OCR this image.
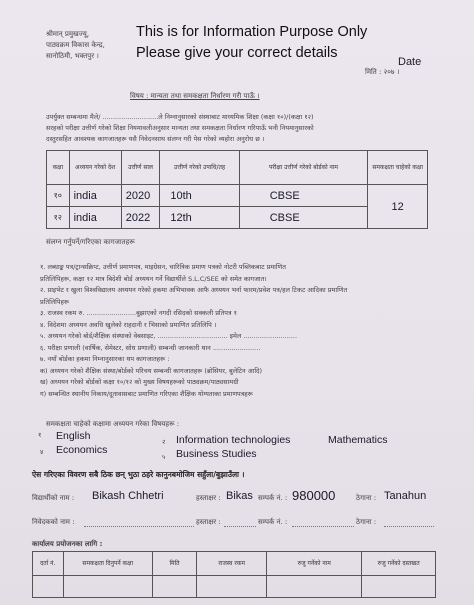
श्रीमान् प्रमुखज्यू,
पाठ्यक्रम विकास केन्द्र,
सानोठिमी, भक्तपुर ।
This is for Information Purpose Only
Please give your correct details
Date
मिति : २०७ ।
विषय : मान्यता तथा समकक्षता निर्धारण गरी पाऊँ ।
उपर्युक्त सम्बन्धमा मैले/ ...........................ले निम्नानुसारको संस्थाबाट माध्यमिक शिक्षा (कक्षा १०)/(कक्षा १२)
सरहको परीक्षा उत्तीर्ण गरेको शिक्षा नियमावलीअनुसार मान्यता तथा समकक्षता निर्धारण गरिपाऊँ भनी नियमानुसारको
दस्तुरसहित आवश्यक कागजातहरू यसै निवेदनसाथ संलग्न गरी पेस गरेको व्यहोरा अनुरोध छ ।
कक्षा	अध्ययन गरेको देश	उत्तीर्ण साल	उत्तीर्ण गरेको उपाधि/तह	परीक्षा उत्तीर्ण गरेको बोर्डको नाम	समकक्षता चाहेको कक्षा
१०	india	2020	10th	CBSE	12
१२	india	2022	12th	CBSE	
संलग्न गर्नुपर्ने/गरिएका कागजातहरू
१. लब्धाङ्क पत्र/ट्रान्सक्रिप्ट, उत्तीर्ण प्रमाणपत्र, माइग्रेसन, चारित्रिक प्रमाण पत्रको नोटरी पब्लिकबाट प्रमाणित
प्रतिलिपिहरू, कक्षा १२ मात्र बिदेशी बोर्ड अध्ययन गर्ने विद्यार्थीले S.L.C/SEE को समेत कागजात।
२. प्राइभेट र खुला विश्वविद्यालय अध्ययन गरेको हकमा अभिभावक आफै अध्ययन भर्ना फारम/प्रवेश पत्र/हल टिकट आदिका प्रमाणित
प्रतिलिपिहरू
३. राजस्व रकम रु. ........................बुझाएको नगदी रसिदको सक्कली प्रतिपत्र १
४. विदेशमा अध्ययन अवधि खुलेको राहदानी र भिसाको प्रमाणित प्रतिलिपि ।
५. अध्ययन गरेको बोर्ड/शैक्षिक संस्थाको वेबसाइट, .................................. इमेल ..........................
६. परीक्षा प्रणाली (वार्षिक, सेमेस्टर, सोध प्रणाली) सम्बन्धी जानकारी थान .......................
७. नयाँ बोर्डका हकमा निम्नानुसारका थप कागजातहरू :
क) अध्ययन गरेको शैक्षिक संस्था/बोर्डको परिचय सम्बन्धी कागजातहरू (ब्रोसियर, बुलेटिन आदि)
ख) अध्ययन गरेको बोर्डको कक्षा १०/१२ को मुख्य विषयहरूको पाठ्यक्रम/पाठ्यसामग्री
ग) सम्बन्धित स्थानीय निकाय/दूतावासबाट प्रमाणित गरिएका शैक्षिक योग्यताका प्रमाणपत्रहरू
समकक्षता चाहेको कक्षामा अध्ययन गरेका विषयहरू :
१ English	२ Information technologies	Mathematics
४ Economics
५ Business Studies
ऐस गरिएका विवरण सबै ठिक छन् भुठा ठहरे कानुनबमोजिम सहुँला/बुझाउँला ।
विद्यार्थीको नाम : Bikash Chhetri	हस्ताक्षर : Bikas सम्पर्क नं. : 980000	ठेगाना : Tanahun
निवेदकको नाम :	हस्ताक्षर :	सम्पर्क नं. :	ठेगाना :
कार्यालय प्रयोजनका लागि :
दर्ता नं.	समकक्षता दिनुपर्ने कक्षा	मिति	राजस्व रकम	रुजु गर्नेको नाम	रुजु गर्नेको दस्तखत
